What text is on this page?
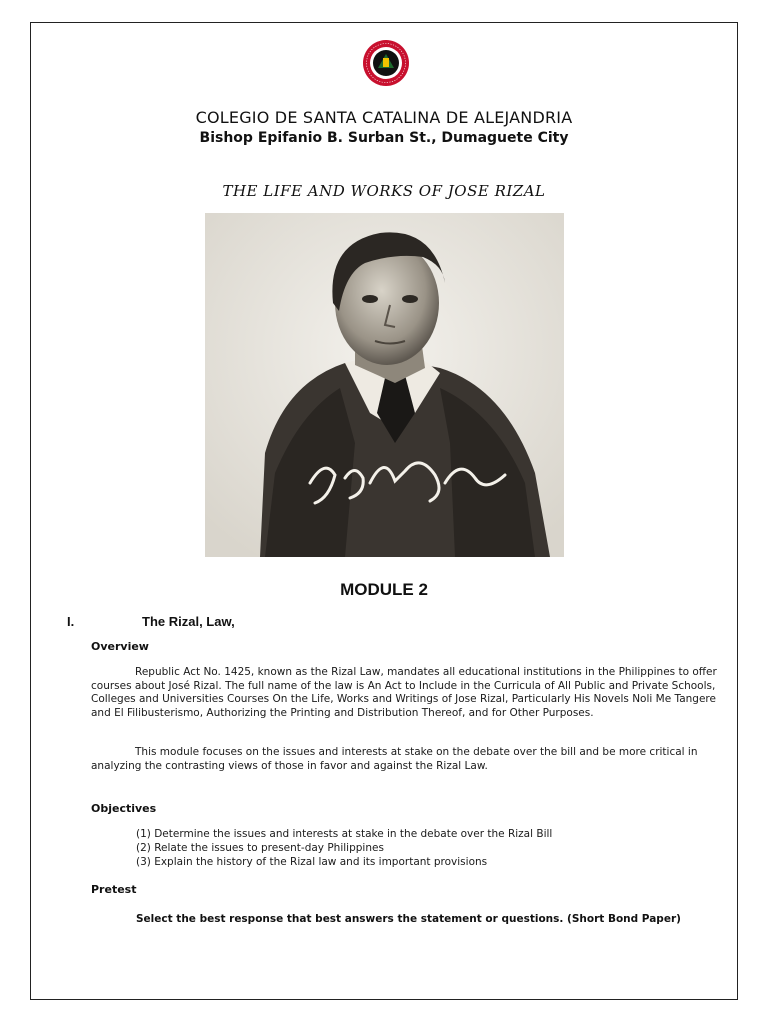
COLEGIO DE SANTA CATALINA DE ALEJANDRIA
Bishop Epifanio B. Surban St., Dumaguete City
THE LIFE AND WORKS OF JOSE RIZAL
MODULE 2
I.	The Rizal, Law,
Overview
Republic Act No. 1425, known as the Rizal Law, mandates all educational institutions in the Philippines to offer courses about José Rizal. The full name of the law is An Act to Include in the Curricula of All Public and Private Schools, Colleges and Universities Courses On the Life, Works and Writings of Jose Rizal, Particularly His Novels Noli Me Tangere and El Filibusterismo, Authorizing the Printing and Distribution Thereof, and for Other Purposes.
This module focuses on the issues and interests at stake on the debate over the bill and be more critical in analyzing the contrasting views of those in favor and against the Rizal Law.
Objectives
(1) Determine the issues and interests at stake in the debate over the Rizal Bill
(2) Relate the issues to present-day Philippines
(3) Explain the history of the Rizal law and its important provisions
Pretest
Select the best response that best answers the statement or questions. (Short Bond Paper)
